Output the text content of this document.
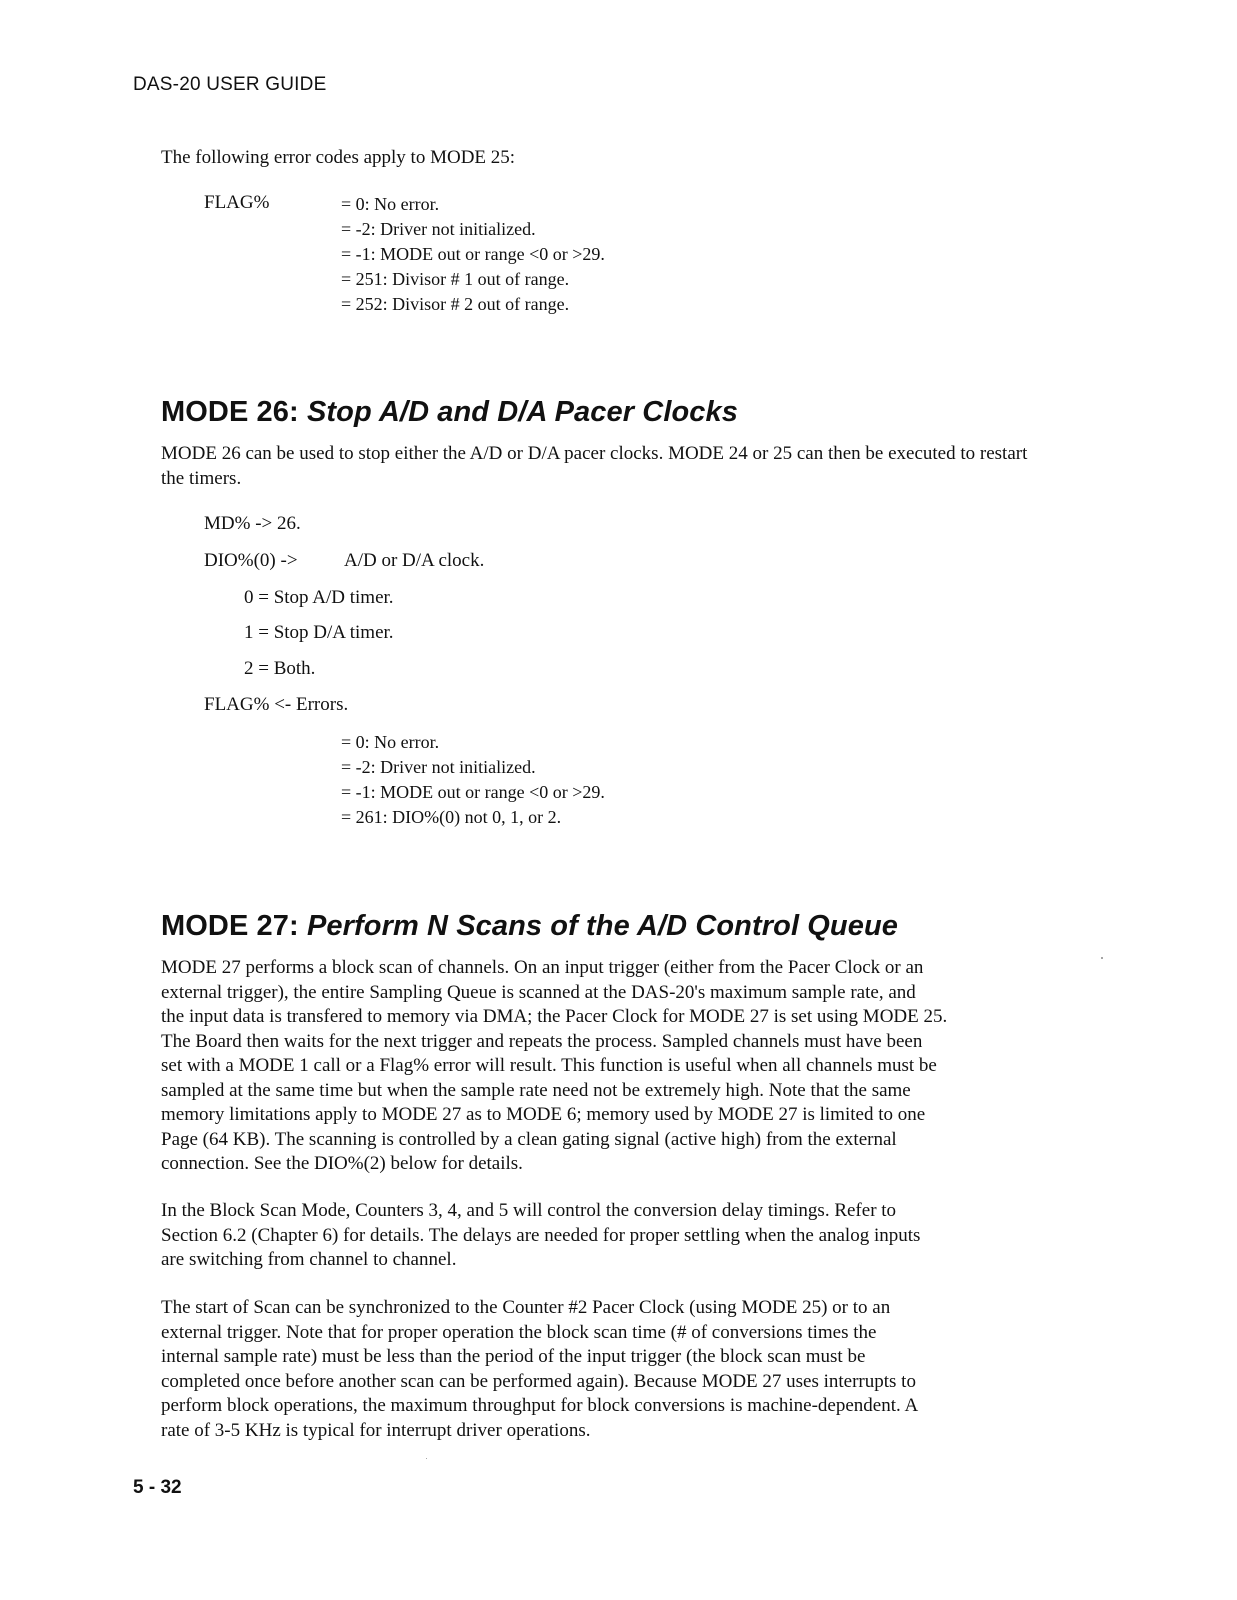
DAS-20 USER GUIDE
The following error codes apply to MODE 25:
FLAG%	= 0: No error.
= -2: Driver not initialized.
= -1: MODE out or range <0 or >29.
= 251: Divisor # 1 out of range.
= 252: Divisor # 2 out of range.
MODE 26: Stop A/D and D/A Pacer Clocks
MODE 26 can be used to stop either the A/D or D/A pacer clocks. MODE 24 or 25 can then be executed to restart the timers.
MD% -> 26.
DIO%(0) -> A/D or D/A clock.
0 = Stop A/D timer.
1 = Stop D/A timer.
2 = Both.
FLAG% <- Errors.
= 0: No error.
= -2: Driver not initialized.
= -1: MODE out or range <0 or >29.
= 261: DIO%(0) not 0, 1, or 2.
MODE 27: Perform N Scans of the A/D Control Queue
MODE 27 performs a block scan of channels. On an input trigger (either from the Pacer Clock or an
external trigger), the entire Sampling Queue is scanned at the DAS-20's maximum sample rate, and
the input data is transfered to memory via DMA; the Pacer Clock for MODE 27 is set using MODE 25.
The Board then waits for the next trigger and repeats the process. Sampled channels must have been
set with a MODE 1 call or a Flag% error will result. This function is useful when all channels must be
sampled at the same time but when the sample rate need not be extremely high. Note that the same
memory limitations apply to MODE 27 as to MODE 6; memory used by MODE 27 is limited to one
Page (64 KB). The scanning is controlled by a clean gating signal (active high) from the external
connection. See the DIO%(2) below for details.
In the Block Scan Mode, Counters 3, 4, and 5 will control the conversion delay timings. Refer to
Section 6.2 (Chapter 6) for details. The delays are needed for proper settling when the analog inputs
are switching from channel to channel.
The start of Scan can be synchronized to the Counter #2 Pacer Clock (using MODE 25) or to an
external trigger. Note that for proper operation the block scan time (# of conversions times the
internal sample rate) must be less than the period of the input trigger (the block scan must be
completed once before another scan can be performed again). Because MODE 27 uses interrupts to
perform block operations, the maximum throughput for block conversions is machine-dependent. A
rate of 3-5 KHz is typical for interrupt driver operations.
5 - 32
